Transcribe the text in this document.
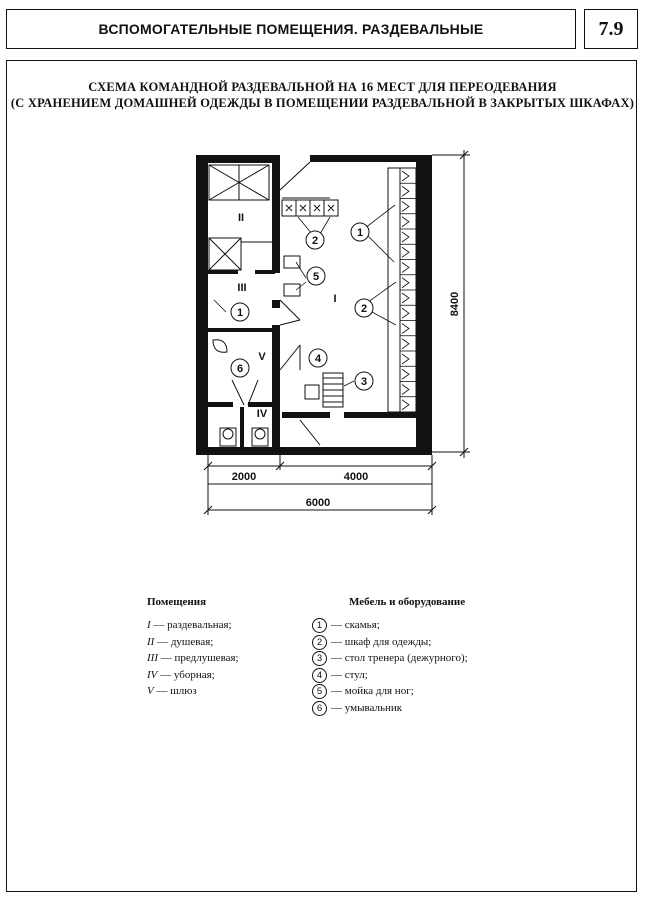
ВСПОМОГАТЕЛЬНЫЕ ПОМЕЩЕНИЯ. РАЗДЕВАЛЬНЫЕ	7.9
СХЕМА КОМАНДНОЙ РАЗДЕВАЛЬНОЙ НА 16 МЕСТ ДЛЯ ПЕРЕОДЕВАНИЯ
(С ХРАНЕНИЕМ ДОМАШНЕЙ ОДЕЖДЫ В ПОМЕЩЕНИИ РАЗДЕВАЛЬНОЙ В ЗАКРЫТЫХ ШКАФАХ)
1
2
2
5
1
6
4
3
I
II
III
V
IV
2000	4000
6000
8400
Помещения
I — раздевальная;
II — душевая;
III — предлушевая;
IV — уборная;
V — шлюз
Мебель и оборудование
1 — скамья;
2 — шкаф для одежды;
3 — стол тренера (дежурного);
4 — стул;
5 — мойка для ног;
6 — умывальник
